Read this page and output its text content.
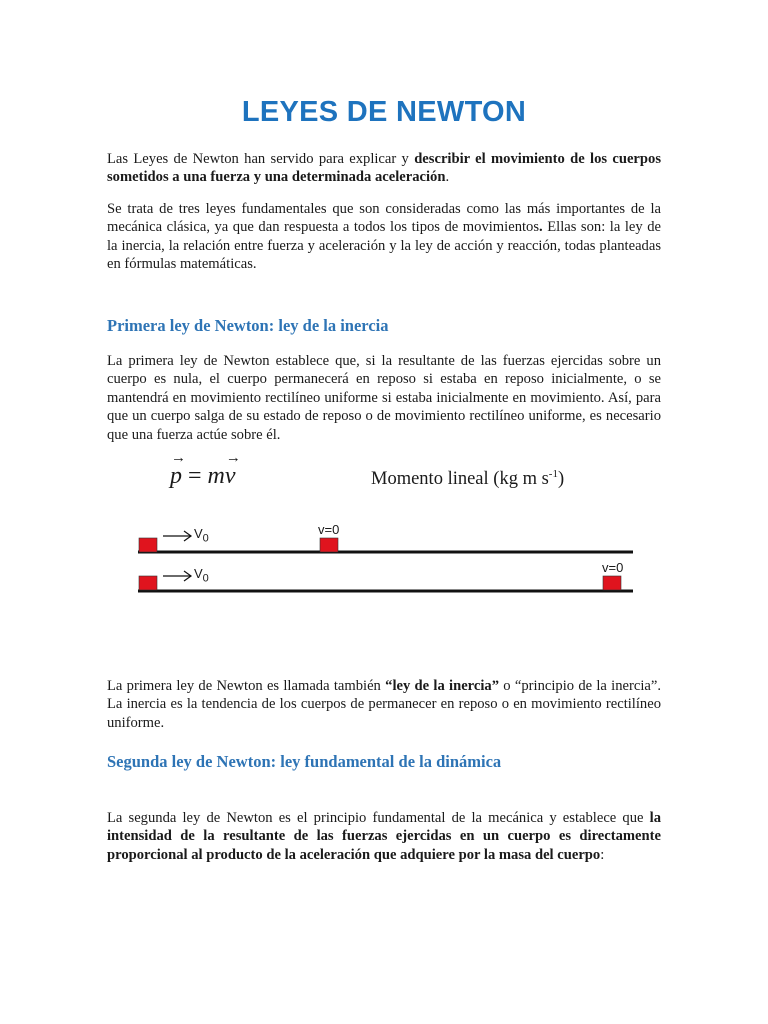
LEYES DE NEWTON

Las Leyes de Newton han servido para explicar y describir el movimiento de los cuerpos sometidos a una fuerza y una determinada aceleración.

Se trata de tres leyes fundamentales que son consideradas como las más importantes de la mecánica clásica, ya que dan respuesta a todos los tipos de movimientos. Ellas son: la ley de la inercia, la relación entre fuerza y aceleración y la ley de acción y reacción, todas planteadas en fórmulas matemáticas.

Primera ley de Newton: ley de la inercia

La primera ley de Newton establece que, si la resultante de las fuerzas ejercidas sobre un cuerpo es nula, el cuerpo permanecerá en reposo si estaba en reposo inicialmente, o se mantendrá en movimiento rectilíneo uniforme si estaba inicialmente en movimiento. Así, para que un cuerpo salga de su estado de reposo o de movimiento rectilíneo uniforme, es necesario que una fuerza actúe sobre él.

→ p = m→ v	Momento lineal (kg m $s^{-1}$)
$V_0$
v=0
$V_0$
v=0

La primera ley de Newton es llamada también “ley de la inercia” o “principio de la inercia”. La inercia es la tendencia de los cuerpos de permanecer en reposo o en movimiento rectilíneo uniforme.

Segunda ley de Newton: ley fundamental de la dinámica

La segunda ley de Newton es el principio fundamental de la mecánica y establece que la intensidad de la resultante de las fuerzas ejercidas en un cuerpo es directamente proporcional al producto de la aceleración que adquiere por la masa del cuerpo:
